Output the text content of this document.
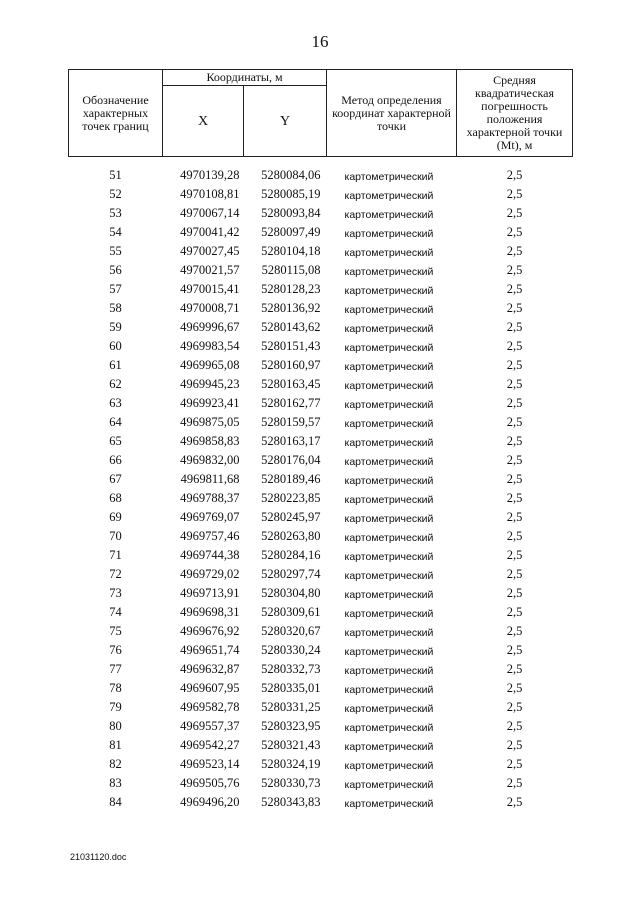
16
Обозначение характерных точек границ	Координаты, м		Метод определения координат характерной точки	Средняя квадратическая погрешность положения характерной точки (Mt), м
	X	Y		
51	4970139,28	5280084,06	картометрический	2,5
52	4970108,81	5280085,19	картометрический	2,5
53	4970067,14	5280093,84	картометрический	2,5
54	4970041,42	5280097,49	картометрический	2,5
55	4970027,45	5280104,18	картометрический	2,5
56	4970021,57	5280115,08	картометрический	2,5
57	4970015,41	5280128,23	картометрический	2,5
58	4970008,71	5280136,92	картометрический	2,5
59	4969996,67	5280143,62	картометрический	2,5
60	4969983,54	5280151,43	картометрический	2,5
61	4969965,08	5280160,97	картометрический	2,5
62	4969945,23	5280163,45	картометрический	2,5
63	4969923,41	5280162,77	картометрический	2,5
64	4969875,05	5280159,57	картометрический	2,5
65	4969858,83	5280163,17	картометрический	2,5
66	4969832,00	5280176,04	картометрический	2,5
67	4969811,68	5280189,46	картометрический	2,5
68	4969788,37	5280223,85	картометрический	2,5
69	4969769,07	5280245,97	картометрический	2,5
70	4969757,46	5280263,80	картометрический	2,5
71	4969744,38	5280284,16	картометрический	2,5
72	4969729,02	5280297,74	картометрический	2,5
73	4969713,91	5280304,80	картометрический	2,5
74	4969698,31	5280309,61	картометрический	2,5
75	4969676,92	5280320,67	картометрический	2,5
76	4969651,74	5280330,24	картометрический	2,5
77	4969632,87	5280332,73	картометрический	2,5
78	4969607,95	5280335,01	картометрический	2,5
79	4969582,78	5280331,25	картометрический	2,5
80	4969557,37	5280323,95	картометрический	2,5
81	4969542,27	5280321,43	картометрический	2,5
82	4969523,14	5280324,19	картометрический	2,5
83	4969505,76	5280330,73	картометрический	2,5
84	4969496,20	5280343,83	картометрический	2,5
21031120.doc
